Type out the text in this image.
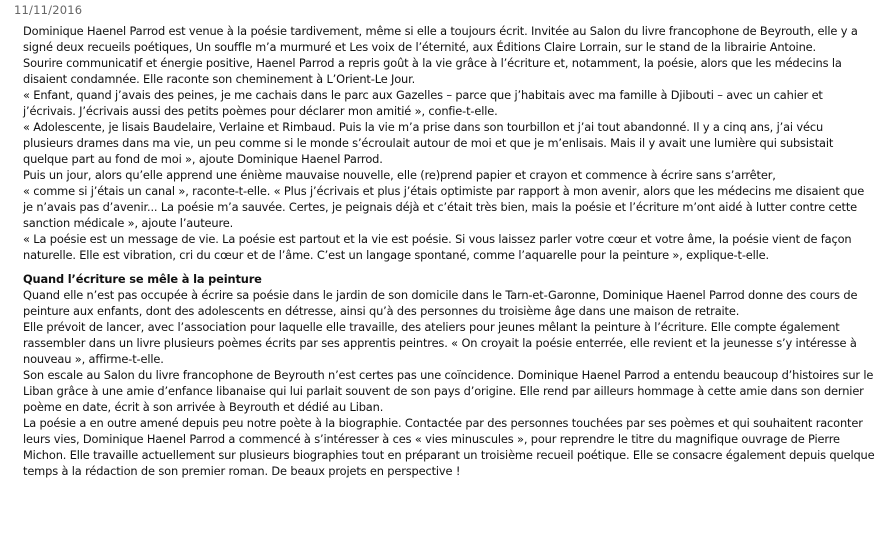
11/11/2016

Dominique Haenel Parrod est venue à la poésie tardivement, même si elle a toujours écrit. Invitée au Salon du livre francophone de Beyrouth, elle y a signé deux recueils poétiques, Un souffle m’a murmuré et Les voix de l’éternité, aux Éditions Claire Lorrain, sur le stand de la librairie Antoine.

Sourire communicatif et énergie positive, Haenel Parrod a repris goût à la vie grâce à l’écriture et, notamment, la poésie, alors que les médecins la disaient condamnée. Elle raconte son cheminement à L’Orient-Le Jour.

« Enfant, quand j’avais des peines, je me cachais dans le parc aux Gazelles – parce que j’habitais avec ma famille à Djibouti – avec un cahier et j’écrivais. J’écrivais aussi des petits poèmes pour déclarer mon amitié », confie-t-elle.

« Adolescente, je lisais Baudelaire, Verlaine et Rimbaud. Puis la vie m’a prise dans son tourbillon et j’ai tout abandonné. Il y a cinq ans, j’ai vécu plusieurs drames dans ma vie, un peu comme si le monde s’écroulait autour de moi et que je m’enlisais. Mais il y avait une lumière qui subsistait quelque part au fond de moi », ajoute Dominique Haenel Parrod.

Puis un jour, alors qu’elle apprend une énième mauvaise nouvelle, elle (re)prend papier et crayon et commence à écrire sans s’arrêter,

« comme si j’étais un canal », raconte-t-elle. « Plus j’écrivais et plus j’étais optimiste par rapport à mon avenir, alors que les médecins me disaient que je n’avais pas d’avenir... La poésie m’a sauvée. Certes, je peignais déjà et c’était très bien, mais la poésie et l’écriture m’ont aidé à lutter contre cette sanction médicale », ajoute l’auteure.

« La poésie est un message de vie. La poésie est partout et la vie est poésie. Si vous laissez parler votre cœur et votre âme, la poésie vient de façon naturelle. Elle est vibration, cri du cœur et de l’âme. C’est un langage spontané, comme l’aquarelle pour la peinture », explique-t-elle.

Quand l’écriture se mêle à la peinture

Quand elle n’est pas occupée à écrire sa poésie dans le jardin de son domicile dans le Tarn-et-Garonne, Dominique Haenel Parrod donne des cours de peinture aux enfants, dont des adolescents en détresse, ainsi qu’à des personnes du troisième âge dans une maison de retraite.

Elle prévoit de lancer, avec l’association pour laquelle elle travaille, des ateliers pour jeunes mêlant la peinture à l’écriture. Elle compte également rassembler dans un livre plusieurs poèmes écrits par ses apprentis peintres. « On croyait la poésie enterrée, elle revient et la jeunesse s’y intéresse à nouveau », affirme-t-elle.

Son escale au Salon du livre francophone de Beyrouth n’est certes pas une coïncidence. Dominique Haenel Parrod a entendu beaucoup d’histoires sur le Liban grâce à une amie d’enfance libanaise qui lui parlait souvent de son pays d’origine. Elle rend par ailleurs hommage à cette amie dans son dernier poème en date, écrit à son arrivée à Beyrouth et dédié au Liban.

La poésie a en outre amené depuis peu notre poète à la biographie. Contactée par des personnes touchées par ses poèmes et qui souhaitent raconter leurs vies, Dominique Haenel Parrod a commencé à s’intéresser à ces « vies minuscules », pour reprendre le titre du magnifique ouvrage de Pierre Michon. Elle travaille actuellement sur plusieurs biographies tout en préparant un troisième recueil poétique. Elle se consacre également depuis quelque temps à la rédaction de son premier roman. De beaux projets en perspective !
